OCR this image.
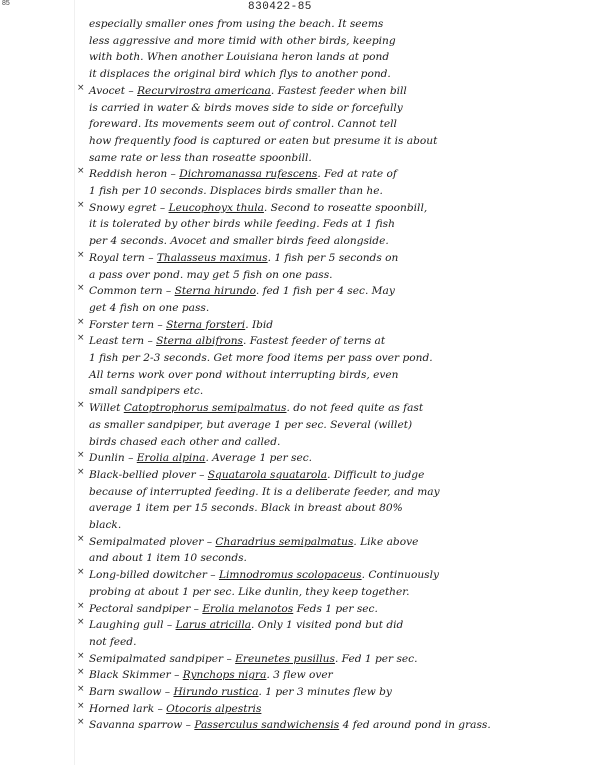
85	830422-85
especially smaller ones from using the beach. It seems
less aggressive and more timid with other birds, keeping
with both. When another Louisiana heron lands at pond
it displaces the original bird which flys to another pond.
× Avocet – Recurvirostra americana. Fastest feeder when bill
is carried in water & birds moves side to side or forcefully
foreward. Its movements seem out of control. Cannot tell
how frequently food is captured or eaten but presume it is about
same rate or less than roseatte spoonbill.
× Reddish heron – Dichromanassa rufescens. Fed at rate of
1 fish per 10 seconds. Displaces birds smaller than he.
× Snowy egret – Leucophoyx thula. Second to roseatte spoonbill,
it is tolerated by other birds while feeding. Feds at 1 fish
per 4 seconds. Avocet and smaller birds feed alongside.
× Royal tern – Thalasseus maximus. 1 fish per 5 seconds on
a pass over pond. may get 5 fish on one pass.
× Common tern – Sterna hirundo. fed 1 fish per 4 sec. May
get 4 fish on one pass.
× Forster tern – Sterna forsteri. Ibid
× Least tern – Sterna albifrons. Fastest feeder of terns at
1 fish per 2-3 seconds. Get more food items per pass over pond.
All terns work over pond without interrupting birds, even
small sandpipers etc.
× Willet Catoptrophorus semipalmatus. do not feed quite as fast
as smaller sandpiper, but average 1 per sec. Several (willet)
birds chased each other and called.
× Dunlin – Erolia alpina. Average 1 per sec.
× Black-bellied plover – Squatarola squatarola. Difficult to judge
because of interrupted feeding. It is a deliberate feeder, and may
average 1 item per 15 seconds. Black in breast about 80%
black.
× Semipalmated plover – Charadrius semipalmatus. Like above
and about 1 item 10 seconds.
× Long-billed dowitcher – Limnodromus scolopaceus. Continuously
probing at about 1 per sec. Like dunlin, they keep together.
× Pectoral sandpiper – Erolia melanotos Feds 1 per sec.
× Laughing gull – Larus atricilla. Only 1 visited pond but did
not feed.
× Semipalmated sandpiper – Ereunetes pusillus. Fed 1 per sec.
× Black Skimmer – Rynchops nigra. 3 flew over
× Barn swallow – Hirundo rustica. 1 per 3 minutes flew by
× Horned lark – Otocoris alpestris
× Savanna sparrow – Passerculus sandwichensis 4 fed around pond in grass.
